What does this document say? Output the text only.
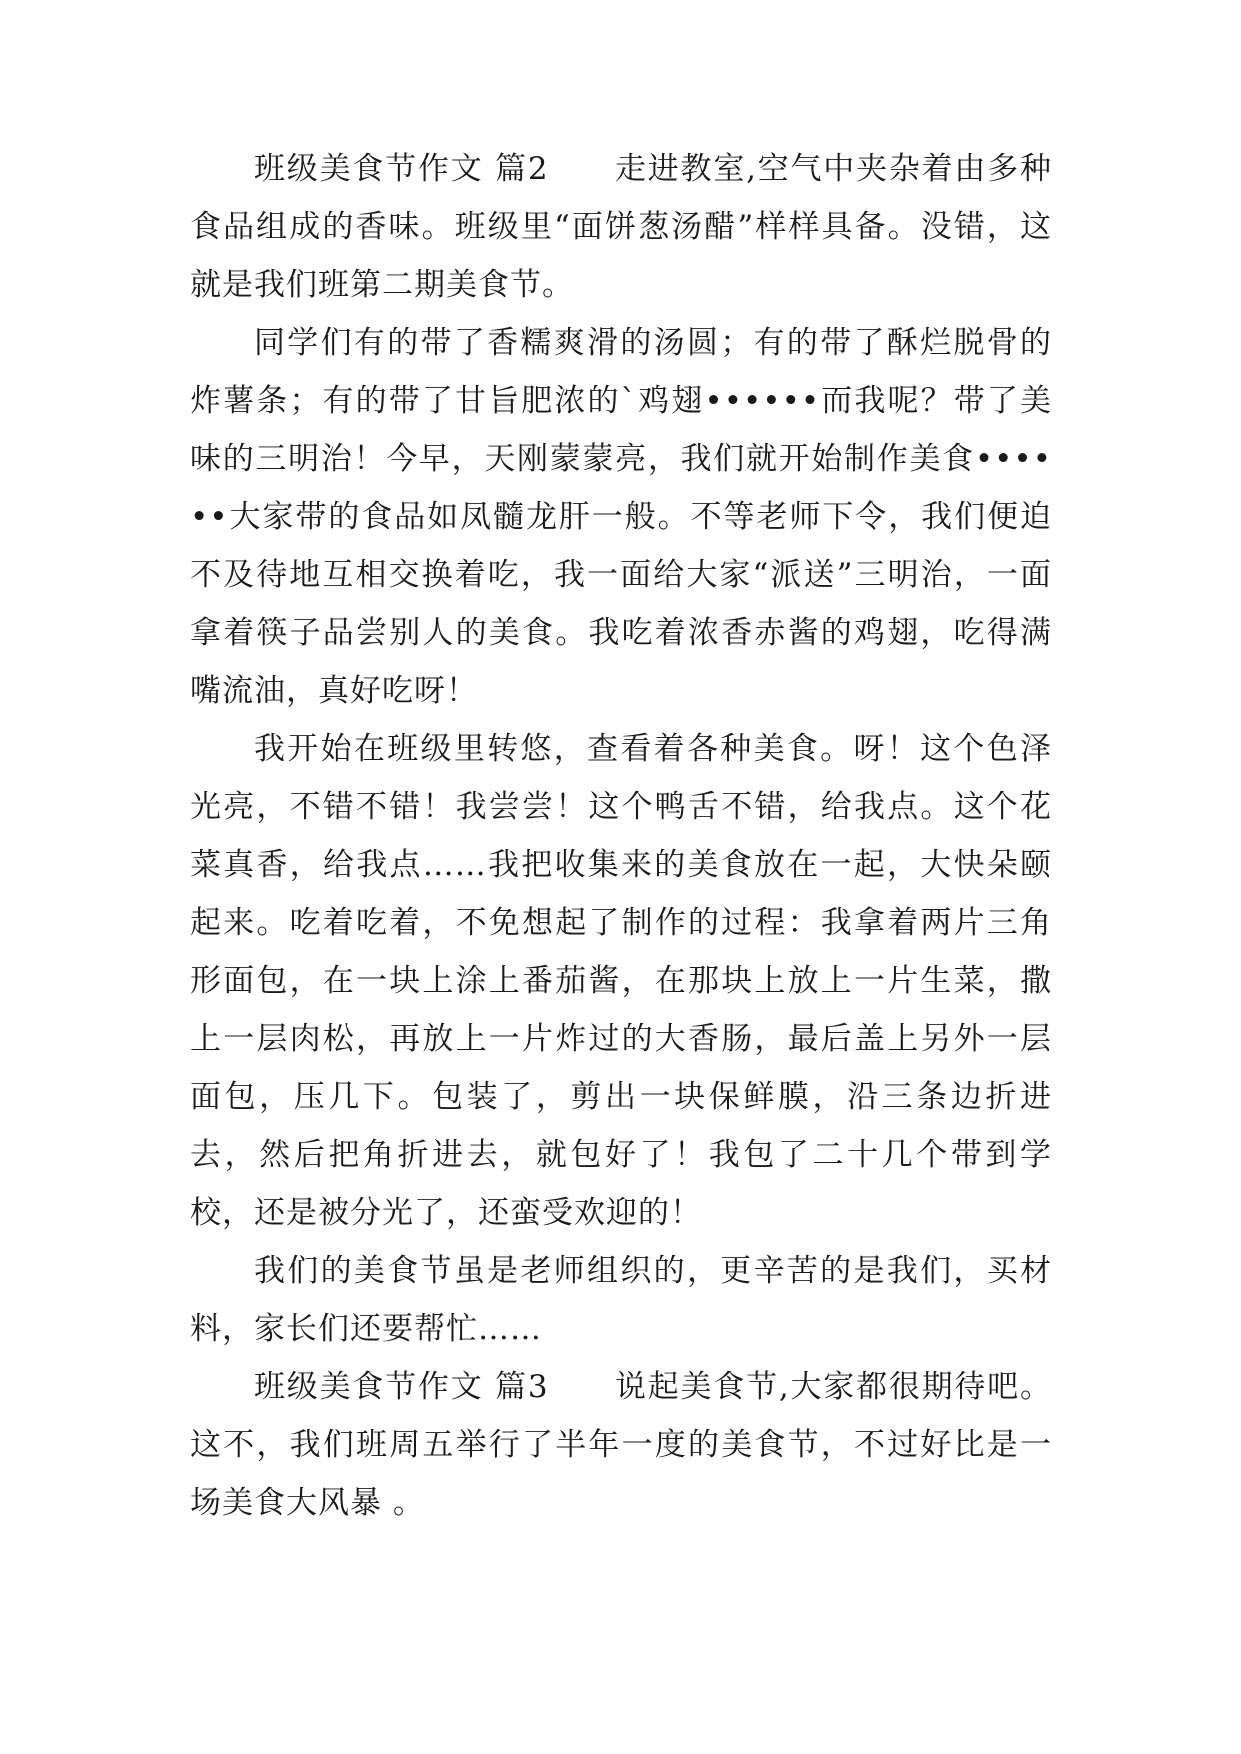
班级美食节作文 篇2　　走进教室,空气中夹杂着由多种食品组成的香味。班级里“面饼葱汤醋”样样具备。没错，这就是我们班第二期美食节。

同学们有的带了香糯爽滑的汤圆；有的带了酥烂脱骨的炸薯条；有的带了甘旨肥浓的`鸡翅••••••而我呢？带了美味的三明治！今早，天刚蒙蒙亮，我们就开始制作美食••••••大家带的食品如凤髓龙肝一般。不等老师下令，我们便迫不及待地互相交换着吃，我一面给大家“派送”三明治，一面拿着筷子品尝别人的美食。我吃着浓香赤酱的鸡翅，吃得满嘴流油，真好吃呀！

我开始在班级里转悠，查看着各种美食。呀！这个色泽光亮，不错不错！我尝尝！这个鸭舌不错，给我点。这个花菜真香，给我点……我把收集来的美食放在一起，大快朵颐起来。吃着吃着，不免想起了制作的过程：我拿着两片三角形面包，在一块上涂上番茄酱，在那块上放上一片生菜，撒上一层肉松，再放上一片炸过的大香肠，最后盖上另外一层面包，压几下。包装了，剪出一块保鲜膜，沿三条边折进去，然后把角折进去，就包好了！我包了二十几个带到学校，还是被分光了，还蛮受欢迎的！

我们的美食节虽是老师组织的，更辛苦的是我们，买材料，家长们还要帮忙……

班级美食节作文 篇3　　说起美食节,大家都很期待吧。这不，我们班周五举行了半年一度的美食节，不过好比是一场美食大风暴 。
